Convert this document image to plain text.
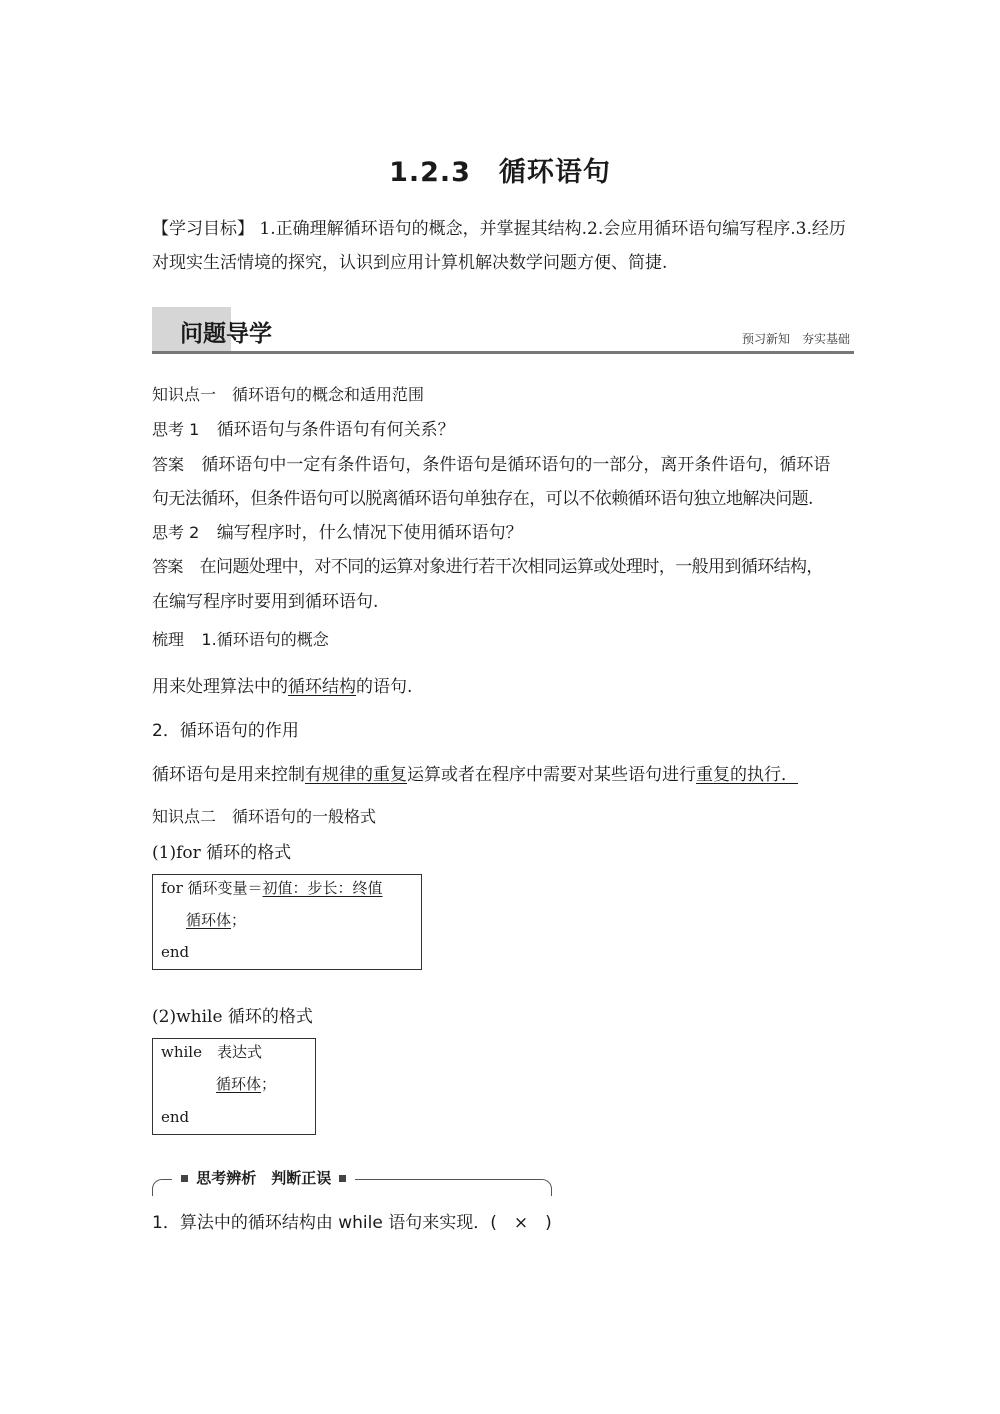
1.2.3　循环语句
【学习目标】 1.正确理解循环语句的概念，并掌握其结构.2.会应用循环语句编写程序.3.经历
对现实生活情境的探究，认识到应用计算机解决数学问题方便、简捷.
问题导学	预习新知　夯实基础
知识点一　循环语句的概念和适用范围
思考 1 循环语句与条件语句有何关系？
答案 循环语句中一定有条件语句，条件语句是循环语句的一部分，离开条件语句，循环语
句无法循环，但条件语句可以脱离循环语句单独存在，可以不依赖循环语句独立地解决问题.
思考 2 编写程序时，什么情况下使用循环语句？
答案 在问题处理中，对不同的运算对象进行若干次相同运算或处理时，一般用到循环结构，
在编写程序时要用到循环语句.
梳理 1.循环语句的概念
用来处理算法中的循环结构的语句.
2．循环语句的作用
循环语句是用来控制有规律的重复运算或者在程序中需要对某些语句进行重复的执行．
知识点二　循环语句的一般格式
(1)for 循环的格式
for 循环变量＝初值：步长：终值
循环体；
end
(2)while 循环的格式
while　表达式
循环体；
end
思考辨析　判断正误
1．算法中的循环结构由 while 语句来实现．(　×　)
